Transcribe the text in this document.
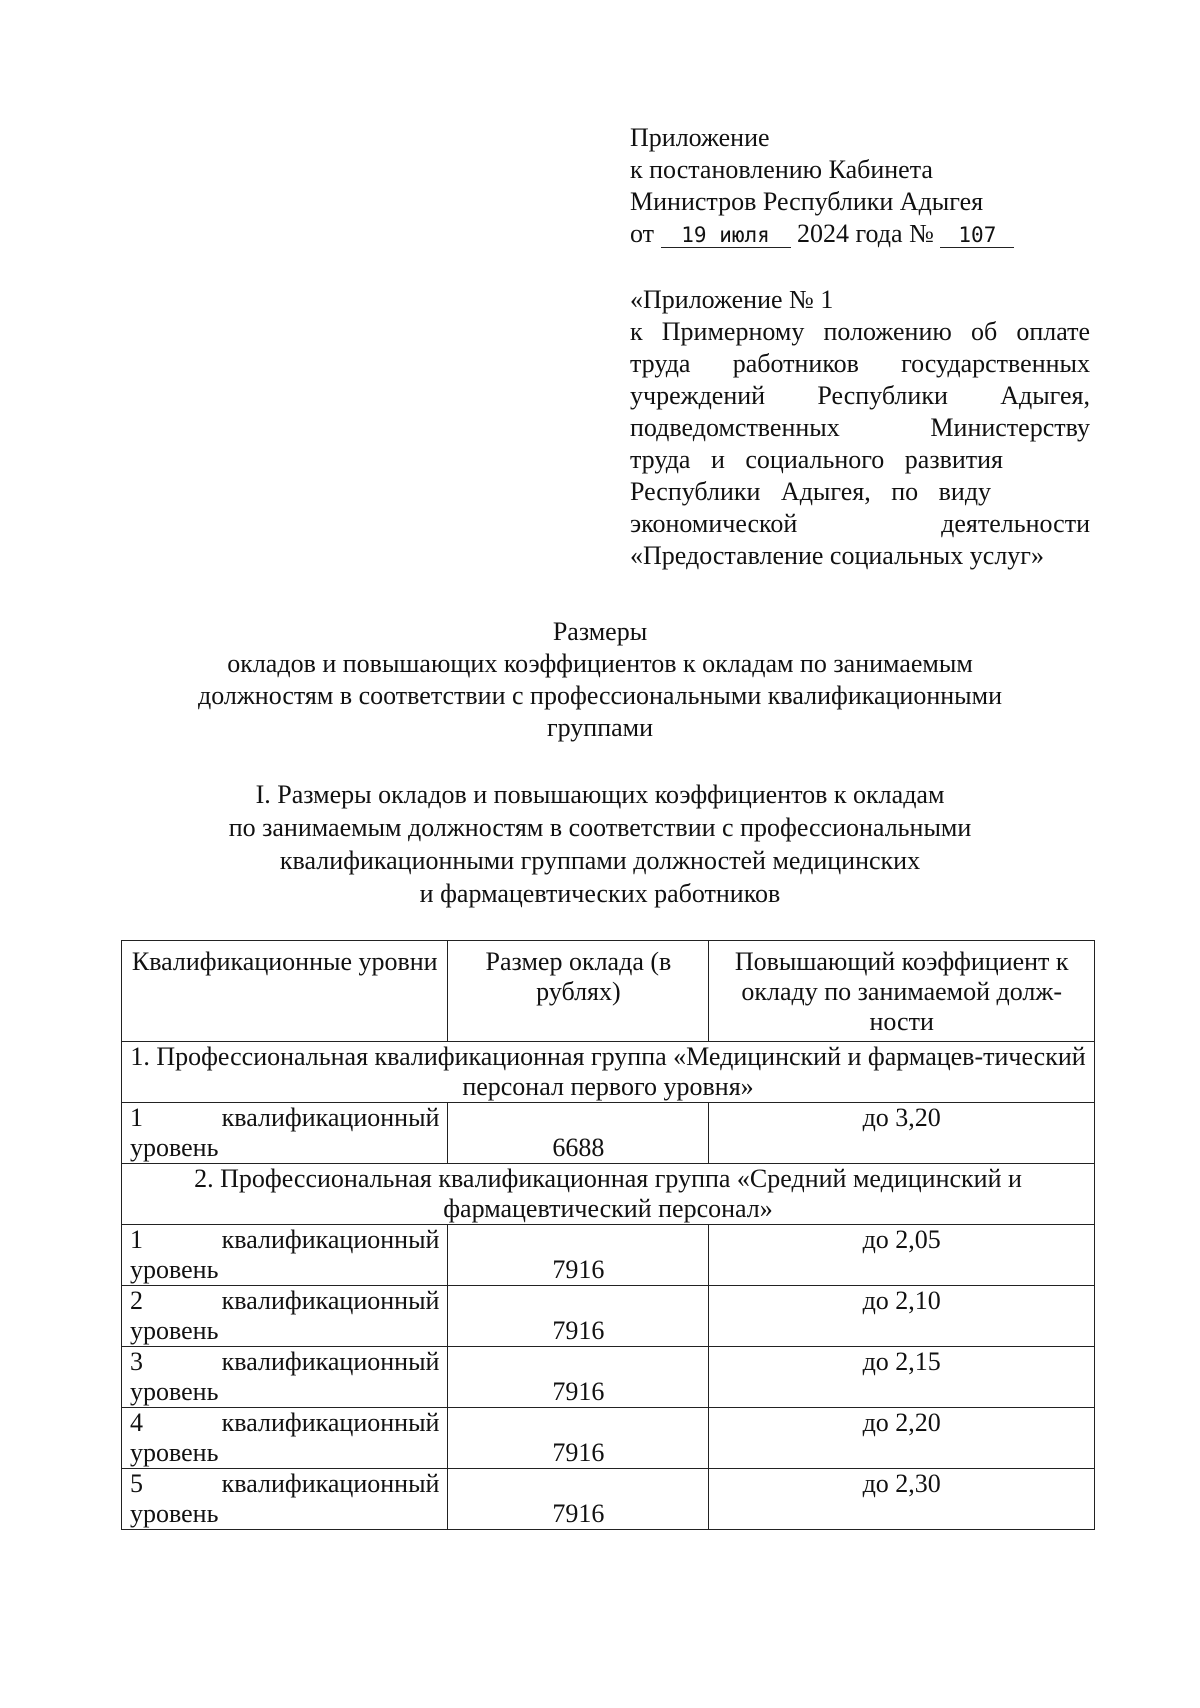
Приложение
к постановлению Кабинета
Министров Республики Адыгея
от 19 июля 2024 года № 107
«Приложение № 1
к Примерному положению об оплате
труда работников государственных
учреждений Республики Адыгея,
подведомственных Министерству
труда и социального развития
Республики Адыгея, по виду
экономической деятельности
«Предоставление социальных услуг»
Размеры
окладов и повышающих коэффициентов к окладам по занимаемым
должностям в соответствии с профессиональными квалификационными
группами
I. Размеры окладов и повышающих коэффициентов к окладам
по занимаемым должностям в соответствии с профессиональными
квалификационными группами должностей медицинских
и фармацевтических работников
Квалификационные уровни	Размер оклада (в рублях)	Повышающий коэффициент к окладу по занимаемой долж-ности
1. Профессиональная квалификационная группа «Медицинский и фармацев-тический персонал первого уровня»		

1 квалификационный
уровень	6688	до 3,20

2. Профессиональная квалификационная группа «Средний медицинский и фармацевтический персонал»		

1 квалификационный
уровень	7916	до 2,05

2 квалификационный
уровень	7916	до 2,10

3 квалификационный
уровень	7916	до 2,15

4 квалификационный
уровень	7916	до 2,20

5 квалификационный
уровень	7916	до 2,30
